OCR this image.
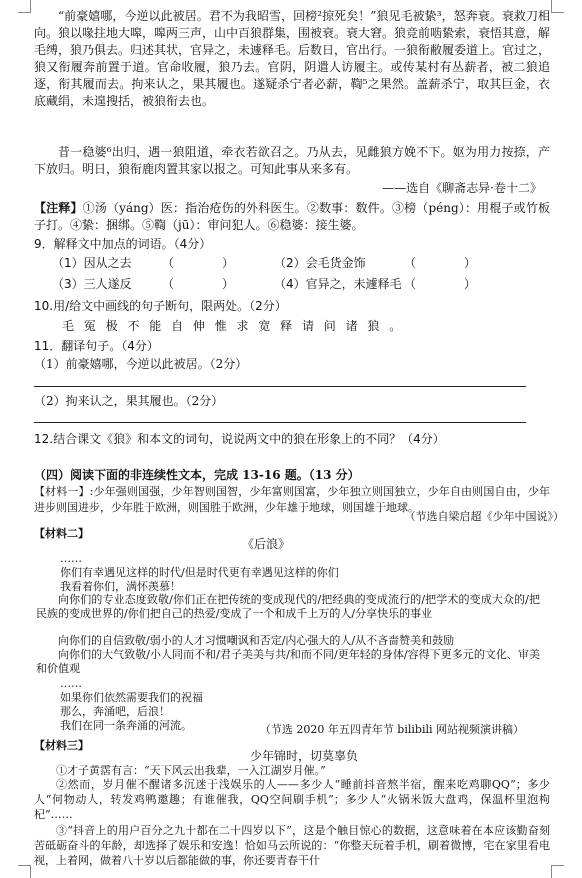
“前豪嬉哪，今逆以此被居。君不为我昭雪，回榜²掠死矣！”狼见毛被絷³，怒奔衰。衰救刀相向。狼以喙拄地大嗥，嗥两三声，山中百狼群集，围被衰。衰大窘。狼竞前啮絷索，衰悟其意，解毛缚，狼乃俱去。归述其状，官异之，未遽释毛。后数日，官出行。一狼衔敝履委道上。官过之，狼又衔履奔前置于道。官命收履，狼乃去。官阴，阴遣人访履主。或传某村有丛薪者，被二狼追逐，衔其履而去。拘来认之，果其履也。遂疑杀宁者必薪，鞫⁵之果然。盖薪杀宁，取其巨金，衣底藏绢，未遑搜括，被狼衔去也。

昔一稳婆⁶出归，遇一狼阻道，牵衣若欲召之。乃从去，见雌狼方娩不下。妪为用力按捺，产下放归。明日，狼衔鹿肉置其家以报之。可知此事从来多有。

——选自《聊斋志异·卷十二》

【注释】①汤（yáng）医：指治疮伤的外科医生。②数事：数件。③榜（péng）：用棍子或竹板子打。④絷：捆绑。⑤鞫（jū）：审问犯人。⑥稳婆：接生婆。

9．解释文中加点的词语。（4分）

（1）因从之去	（　　　　）	（2）会毛货金饰	（　　　　）
（3）三人遂反	（　　　　）	（4）官异之，未遽释毛 （　　　　）

10.用/给文中画线的句子断句，限两处。（2分）

毛 冤 极 不 能 自 伸 惟 求 宽 释 请 问 诸 狼 。

11．翻译句子。（4分）

（1）前豪嬉哪，今逆以此被居。（2分）

（2）拘来认之，果其履也。（2分）

12.结合课文《狼》和本文的词句，说说两文中的狼在形象上的不同？（4分）

（四）阅读下面的非连续性文本，完成 13-16 题。（13 分）

【材料一】:少年强则国强，少年智则国智，少年富则国富，少年独立则国独立，少年自由则国自由，少年进步则国进步，少年胜于欧洲，则国胜于欧洲，少年雄于地球，则国雄于地球。

（节选自梁启超《少年中国说》）

【材料二】

《后浪》

……

你们有幸遇见这样的时代/但是时代更有幸遇见这样的你们

我看着你们，满怀羡慕！

向你们的专业态度致敬/你们正在把传统的变成现代的/把经典的变成流行的/把学术的变成大众的/把民族的变成世界的/你们把自己的热爱/变成了一个和成千上万的人/分享快乐的事业

向你们的自信致敬/弱小的人才习惯嘲讽和否定/内心强大的人/从不吝啬赞美和鼓励

向你们的大气致敬/小人同而不和/君子美美与共/和而不同/更年轻的身体/容得下更多元的文化、审美和价值观

……

如果你们依然需要我们的祝福

那么，奔涌吧，后浪！

我们在同一条奔涌的河流。	（节选 2020 年五四青年节 bilibili 网站视频演讲稿）

【材料三】

少年锦时，切莫辜负

①才子黄霑有言：“天下风云出我辈，一入江湖岁月催。”

②然而，岁月催不醒诸多沉迷于浅娱乐的人——多少人“睡前抖音熬半宿，醒来吃鸡聊QQ”；多少人“何物动人，转发鸡鸭邀趣；有谁催我，QQ空间刷手机”；多少人“火锅米饭大盘鸡，保温杯里泡枸杞”……

③“抖音上的用户百分之九十都在二十四岁以下”，这是个触目惊心的数据，这意味着在本应该勤奋刻苦砥砺奋斗的年龄，却选择了娱乐和安逸！恰如马云所说的：“你整天玩着手机，刷着微博，宅在家里看电视，上着网，做着八十岁以后都能做的事，你还要青春干什
